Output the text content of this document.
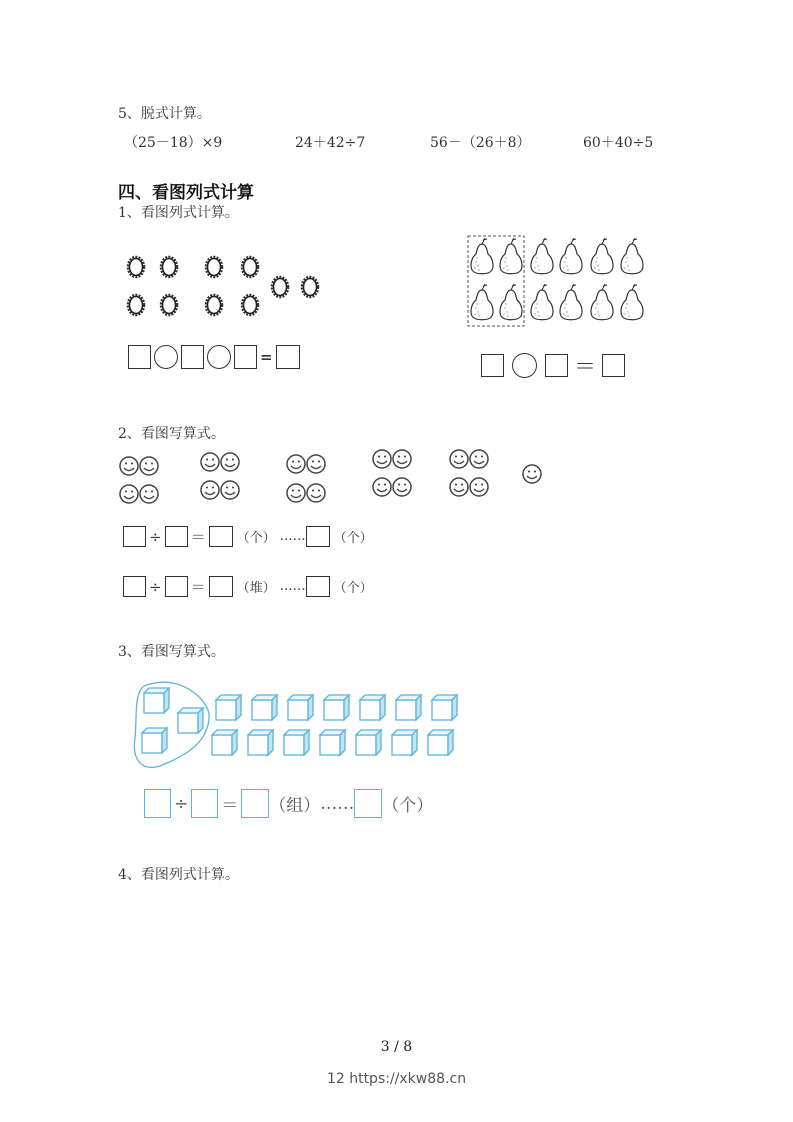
5、脱式计算。
（25－18）×9	24＋42÷7	56－（26＋8）	60＋40÷5
四、看图列式计算
1、看图列式计算。
=	＝
2、看图写算式。
÷ ＝ （个） …… （个）
÷ ＝ （堆） …… （个）
3、看图写算式。
÷ ＝ （组） …… （个）
4、看图列式计算。
3 / 8
12 https://xkw88.cn
